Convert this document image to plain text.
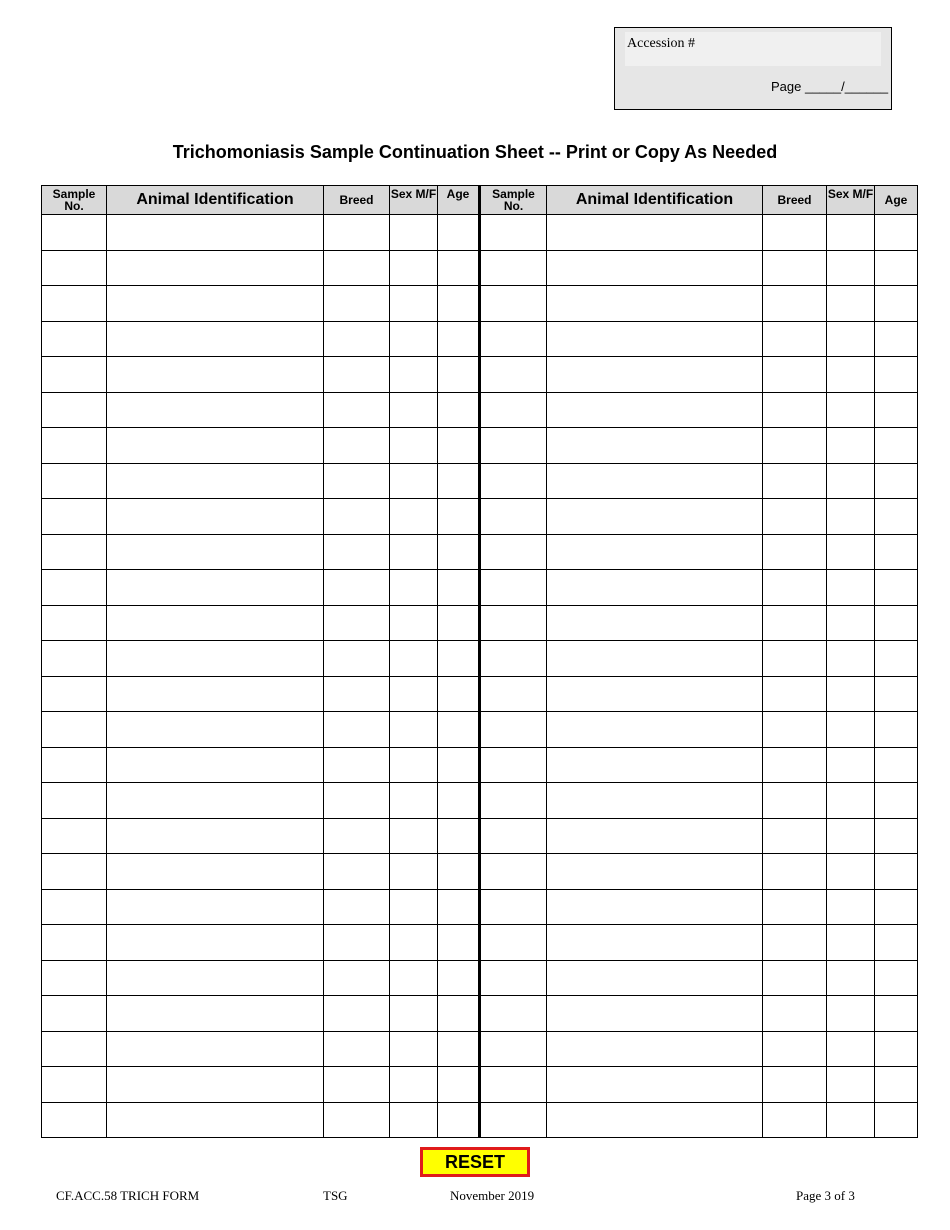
Accession #
Page _____/______
Trichomoniasis Sample Continuation Sheet -- Print or Copy As Needed
Sample No.	Animal Identification	Breed	Sex M/F	Age	Sample No.	Animal Identification	Breed	Sex M/F	Age

RESET
CF.ACC.58 TRICH FORM	TSG	November 2019	Page 3 of 3
